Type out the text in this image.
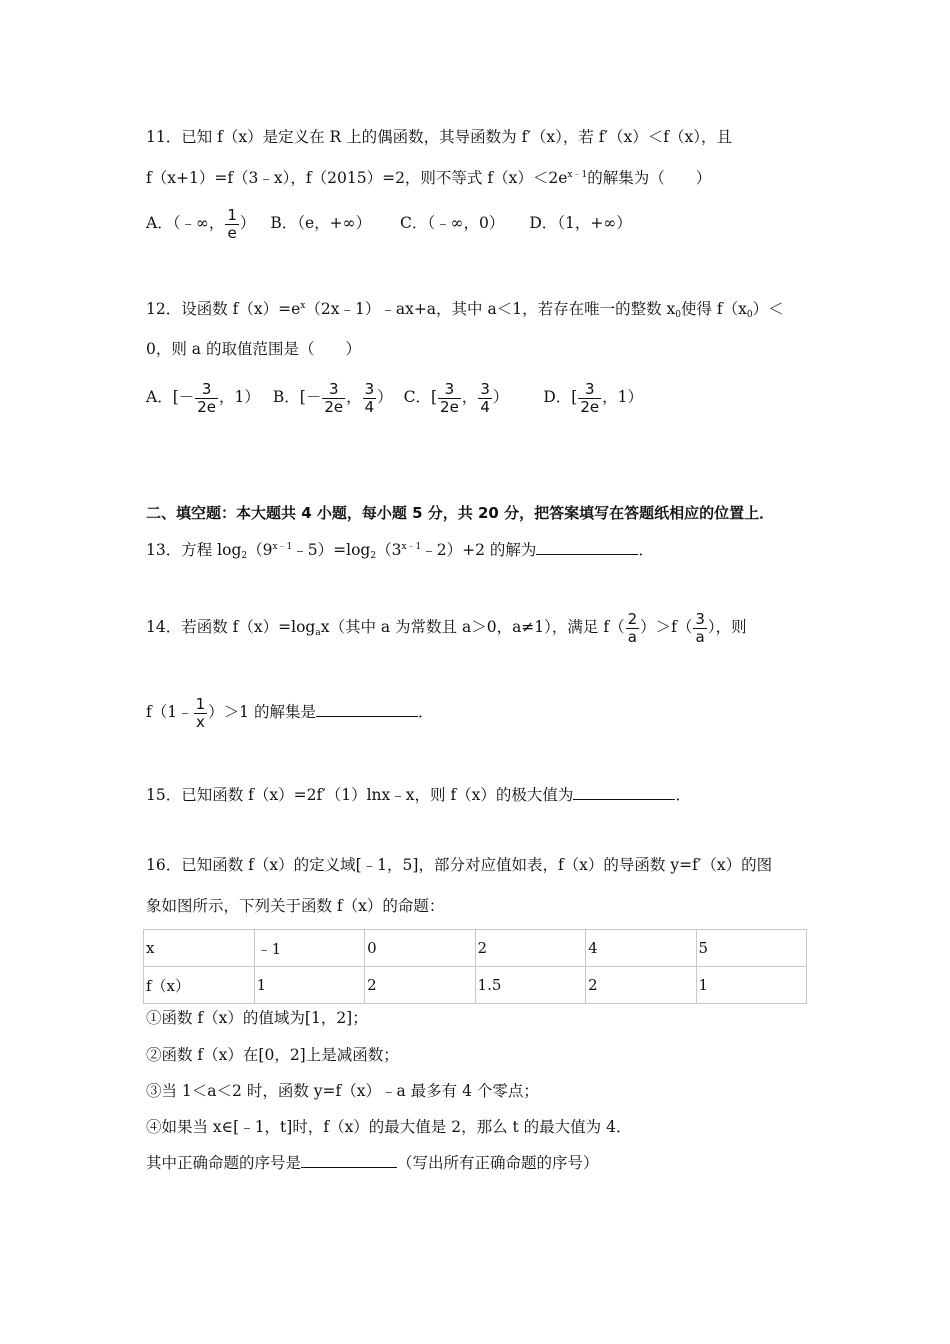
11．已知 f（x）是定义在 R 上的偶函数，其导函数为 f′（x），若 f′（x）＜f（x），且
f（x+1）=f（3﹣x），f（2015）=2，则不等式 $f(x)<2e^{x﹣1}$的解集为（　　）
A．（﹣∞， $\frac{1}{e}$ ） B．（e，+∞） C．（﹣∞，0） D．（1，+∞）
12．设函数 $f(x)=e^x(2x﹣1)﹣ax+a$，其中 a＜1，若存在唯一的整数 $x_0$使得 $f(x_0)<$
0，则 a 的取值范围是（　　）
A．[－ $\frac{3}{2e}$ ，1） B．[－ $\frac{3}{2e}$ ， $\frac{3}{4}$ ） C．[ $\frac{3}{2e}$ ， $\frac{3}{4}$ ） D．[ $\frac{3}{2e}$ ，1）
二、填空题：本大题共 4 小题，每小题 5 分，共 20 分，把答案填写在答题纸相应的位置上．
13．方程 $\log_2(9^{x﹣1}﹣5)=\log_2(3^{x﹣1}﹣2)+2$ 的解为	．
14．若函数 $f(x)=\log_ax$（其中 a 为常数且 a＞0，a≠1），满足 $f( \frac{2}{a} )>f( \frac{3}{a}$ ），则
f（1﹣ $\frac{1}{x} )>1$ 的解集是	．
15．已知函数 f（x）=2f′（1）lnx﹣x，则 f（x）的极大值为	．
16．已知函数 f（x）的定义域[﹣1，5]，部分对应值如表，f（x）的导函数 y=f′（x）的图
象如图所示，下列关于函数 f（x）的命题：
x	﹣1	0	2	4	5
f（x）	1	2	1.5	2	1
①函数 f（x）的值域为[1，2]；
②函数 f（x）在[0，2]上是减函数；
③当 1＜a＜2 时，函数 y=f（x）﹣a 最多有 4 个零点；
④如果当 x∈[﹣1，t]时，f（x）的最大值是 2，那么 t 的最大值为 4．
其中正确命题的序号是	（写出所有正确命题的序号）
